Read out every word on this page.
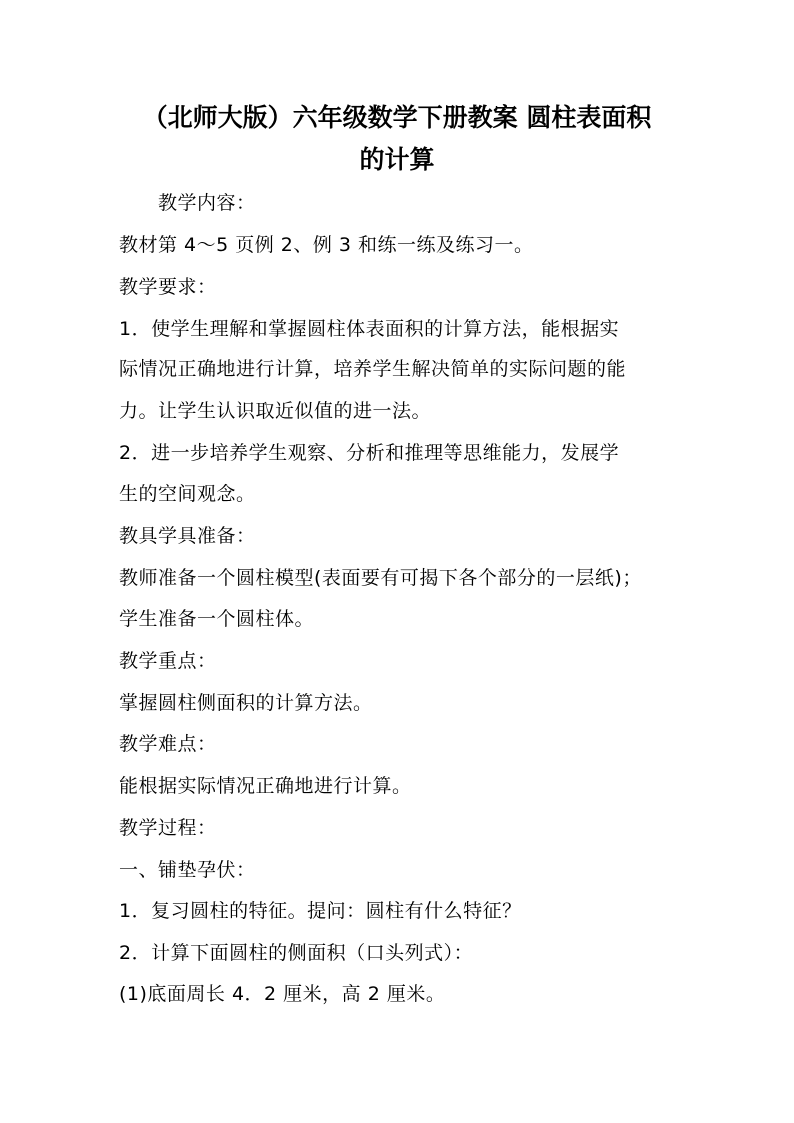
（北师大版）六年级数学下册教案 圆柱表面积
的计算
教学内容：
教材第 4～5 页例 2、例 3 和练一练及练习一。
教学要求：
1．使学生理解和掌握圆柱体表面积的计算方法，能根据实
际情况正确地进行计算，培养学生解决简单的实际问题的能
力。让学生认识取近似值的进一法。
2．进一步培养学生观察、分析和推理等思维能力，发展学
生的空间观念。
教具学具准备：
教师准备一个圆柱模型(表面要有可揭下各个部分的一层纸)；
学生准备一个圆柱体。
教学重点：
掌握圆柱侧面积的计算方法。
教学难点：
能根据实际情况正确地进行计算。
教学过程：
一、铺垫孕伏：
1．复习圆柱的特征。提问：圆柱有什么特征？
2．计算下面圆柱的侧面积（口头列式）：
(1)底面周长 4．2 厘米，高 2 厘米。
